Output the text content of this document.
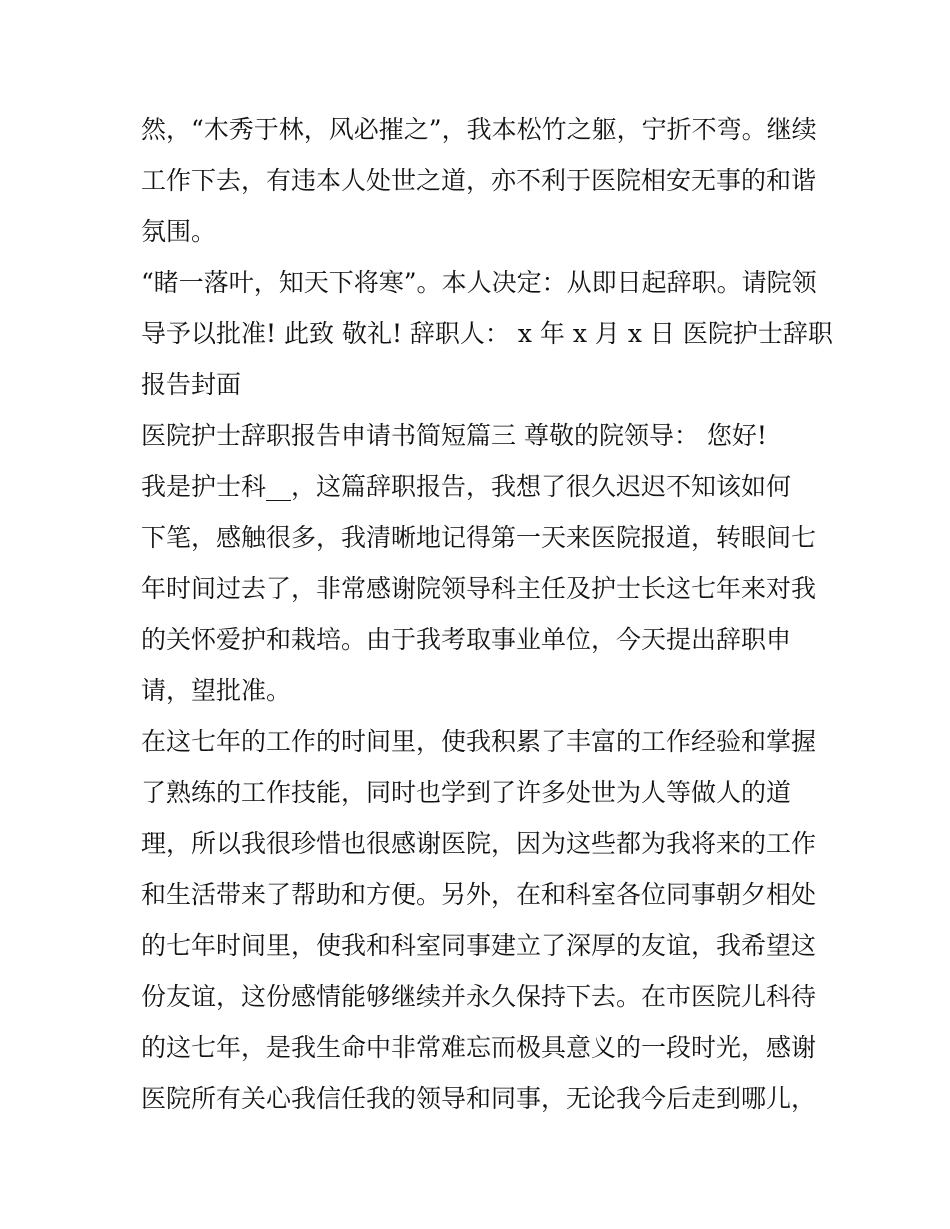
然，“木秀于林，风必摧之”，我本松竹之躯，宁折不弯。继续
工作下去，有违本人处世之道，亦不利于医院相安无事的和谐
氛围。

“睹一落叶，知天下将寒”。本人决定：从即日起辞职。请院领
导予以批准! 此致 敬礼! 辞职人： x 年 x 月 x 日 医院护士辞职
报告封面

医院护士辞职报告申请书简短篇三 尊敬的院领导： 您好!

我是护士科__，这篇辞职报告，我想了很久迟迟不知该如何
下笔，感触很多，我清晰地记得第一天来医院报道，转眼间七
年时间过去了，非常感谢院领导科主任及护士长这七年来对我
的关怀爱护和栽培。由于我考取事业单位，今天提出辞职申
请，望批准。

在这七年的工作的时间里，使我积累了丰富的工作经验和掌握
了熟练的工作技能，同时也学到了许多处世为人等做人的道
理，所以我很珍惜也很感谢医院，因为这些都为我将来的工作
和生活带来了帮助和方便。另外，在和科室各位同事朝夕相处
的七年时间里，使我和科室同事建立了深厚的友谊，我希望这
份友谊，这份感情能够继续并永久保持下去。在市医院儿科待
的这七年，是我生命中非常难忘而极具意义的一段时光，感谢
医院所有关心我信任我的领导和同事，无论我今后走到哪儿，
